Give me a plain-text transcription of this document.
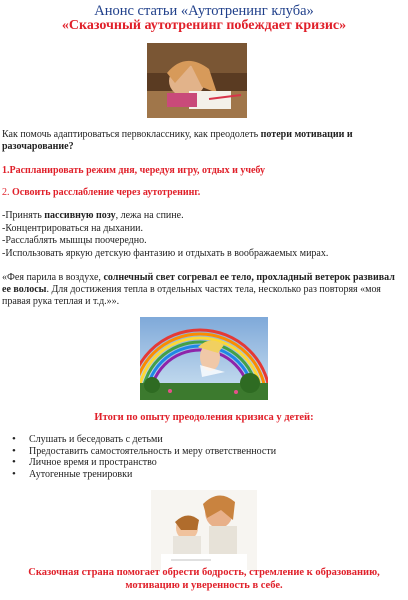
Анонс статьи «Аутотренинг клуба»
«Сказочный аутотренинг побеждает кризис»
Как помочь адаптироваться первокласснику, как преодолеть потери мотивации и разочарование?
1.Распланировать режим дня, чередуя игру, отдых и учебу
2. Освоить расслабление через аутотренинг.
-Принять пассивную позу, лежа на спине.
-Концентрироваться на дыхании.
-Расслаблять мышцы поочередно.
-Использовать яркую детскую фантазию и отдыхать в воображаемых мирах.
«Фея парила в воздухе, солнечный свет согревал ее тело, прохладный ветерок развивал ее волосы. Для достижения тепла в отдельных частях тела, несколько раз повторяя «моя правая рука теплая и т.д.»».
Итоги по опыту преодоления кризиса у детей:
• Слушать и беседовать с детьми
• Предоставить самостоятельность и меру ответственности
• Личное время и пространство
• Аутогенные тренировки
Сказочная страна помогает обрести бодрость, стремление к образованию, мотивацию и уверенность в себе.
